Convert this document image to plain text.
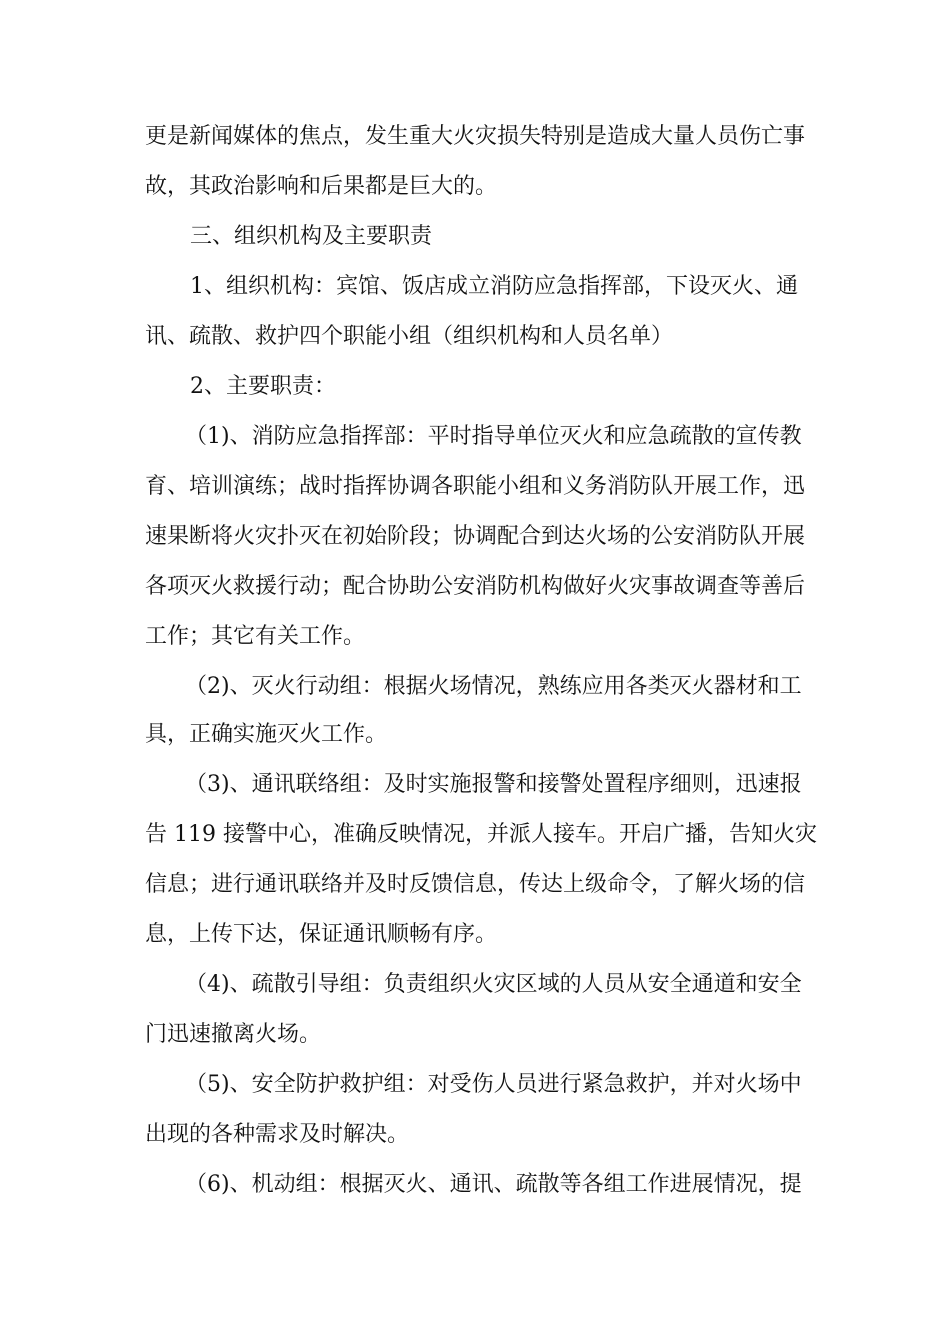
更是新闻媒体的焦点，发生重大火灾损失特别是造成大量人员伤亡事

故，其政治影响和后果都是巨大的。

三、组织机构及主要职责

1、组织机构：宾馆、饭店成立消防应急指挥部，下设灭火、通

讯、疏散、救护四个职能小组（组织机构和人员名单）

2、主要职责：

（1)、消防应急指挥部：平时指导单位灭火和应急疏散的宣传教

育、培训演练；战时指挥协调各职能小组和义务消防队开展工作，迅

速果断将火灾扑灭在初始阶段；协调配合到达火场的公安消防队开展

各项灭火救援行动；配合协助公安消防机构做好火灾事故调查等善后

工作；其它有关工作。

（2)、灭火行动组：根据火场情况，熟练应用各类灭火器材和工

具，正确实施灭火工作。

（3)、通讯联络组：及时实施报警和接警处置程序细则，迅速报

告 119 接警中心，准确反映情况，并派人接车。开启广播，告知火灾

信息；进行通讯联络并及时反馈信息，传达上级命令，了解火场的信

息，上传下达，保证通讯顺畅有序。

（4)、疏散引导组：负责组织火灾区域的人员从安全通道和安全

门迅速撤离火场。

（5)、安全防护救护组：对受伤人员进行紧急救护，并对火场中

出现的各种需求及时解决。

（6)、机动组：根据灭火、通讯、疏散等各组工作进展情况，提
